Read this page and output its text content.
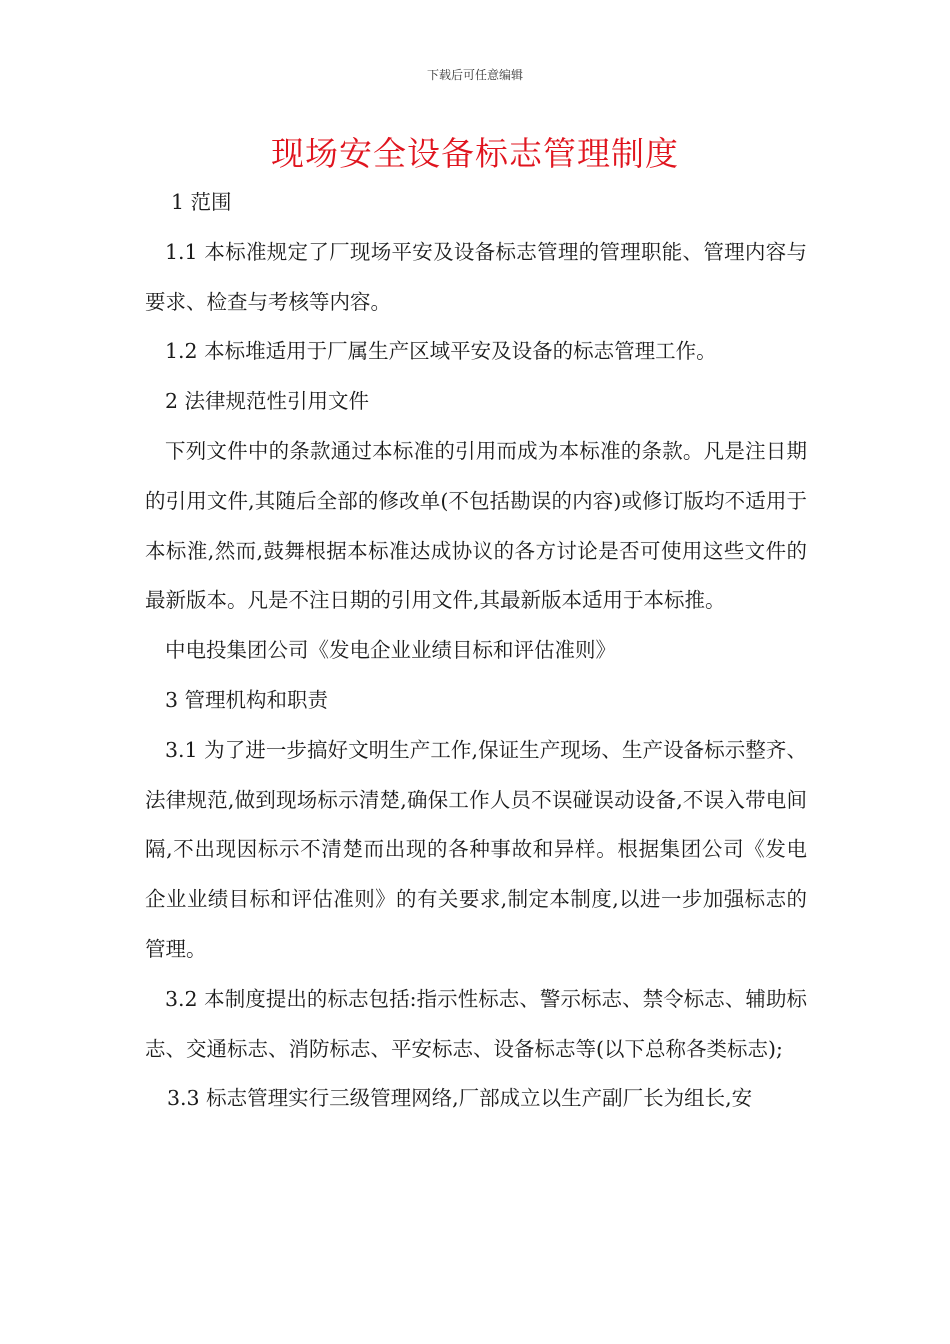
下载后可任意编辑
现场安全设备标志管理制度

1 范围

1.1 本标准规定了厂现场平安及设备标志管理的管理职能、管理内容与要求、检查与考核等内容。

1.2 本标堆适用于厂属生产区域平安及设备的标志管理工作。

2 法律规范性引用文件

下列文件中的条款通过本标准的引用而成为本标准的条款。凡是注日期的引用文件,其随后全部的修改单(不包括勘误的内容)或修订版均不适用于本标淮,然而,鼓舞根据本标准达成协议的各方讨论是否可使用这些文件的最新版本。凡是不注日期的引用文件,其最新版本适用于本标推。

中电投集团公司《发电企业业绩目标和评估准则》

3 管理机构和职责

3.1 为了进一步搞好文明生产工作,保证生产现场、生产设备标示整齐、法律规范,做到现场标示清楚,确保工作人员不误碰误动设备,不误入带电间隔,不出现因标示不清楚而出现的各种事故和异样。根据集团公司《发电企业业绩目标和评估准则》的有关要求,制定本制度,以进一步加强标志的管理。

3.2 本制度提出的标志包括:指示性标志、警示标志、禁令标志、辅助标志、交通标志、消防标志、平安标志、设备标志等(以下总称各类标志);

3.3 标志管理实行三级管理网络,厂部成立以生产副厂长为组长,安
